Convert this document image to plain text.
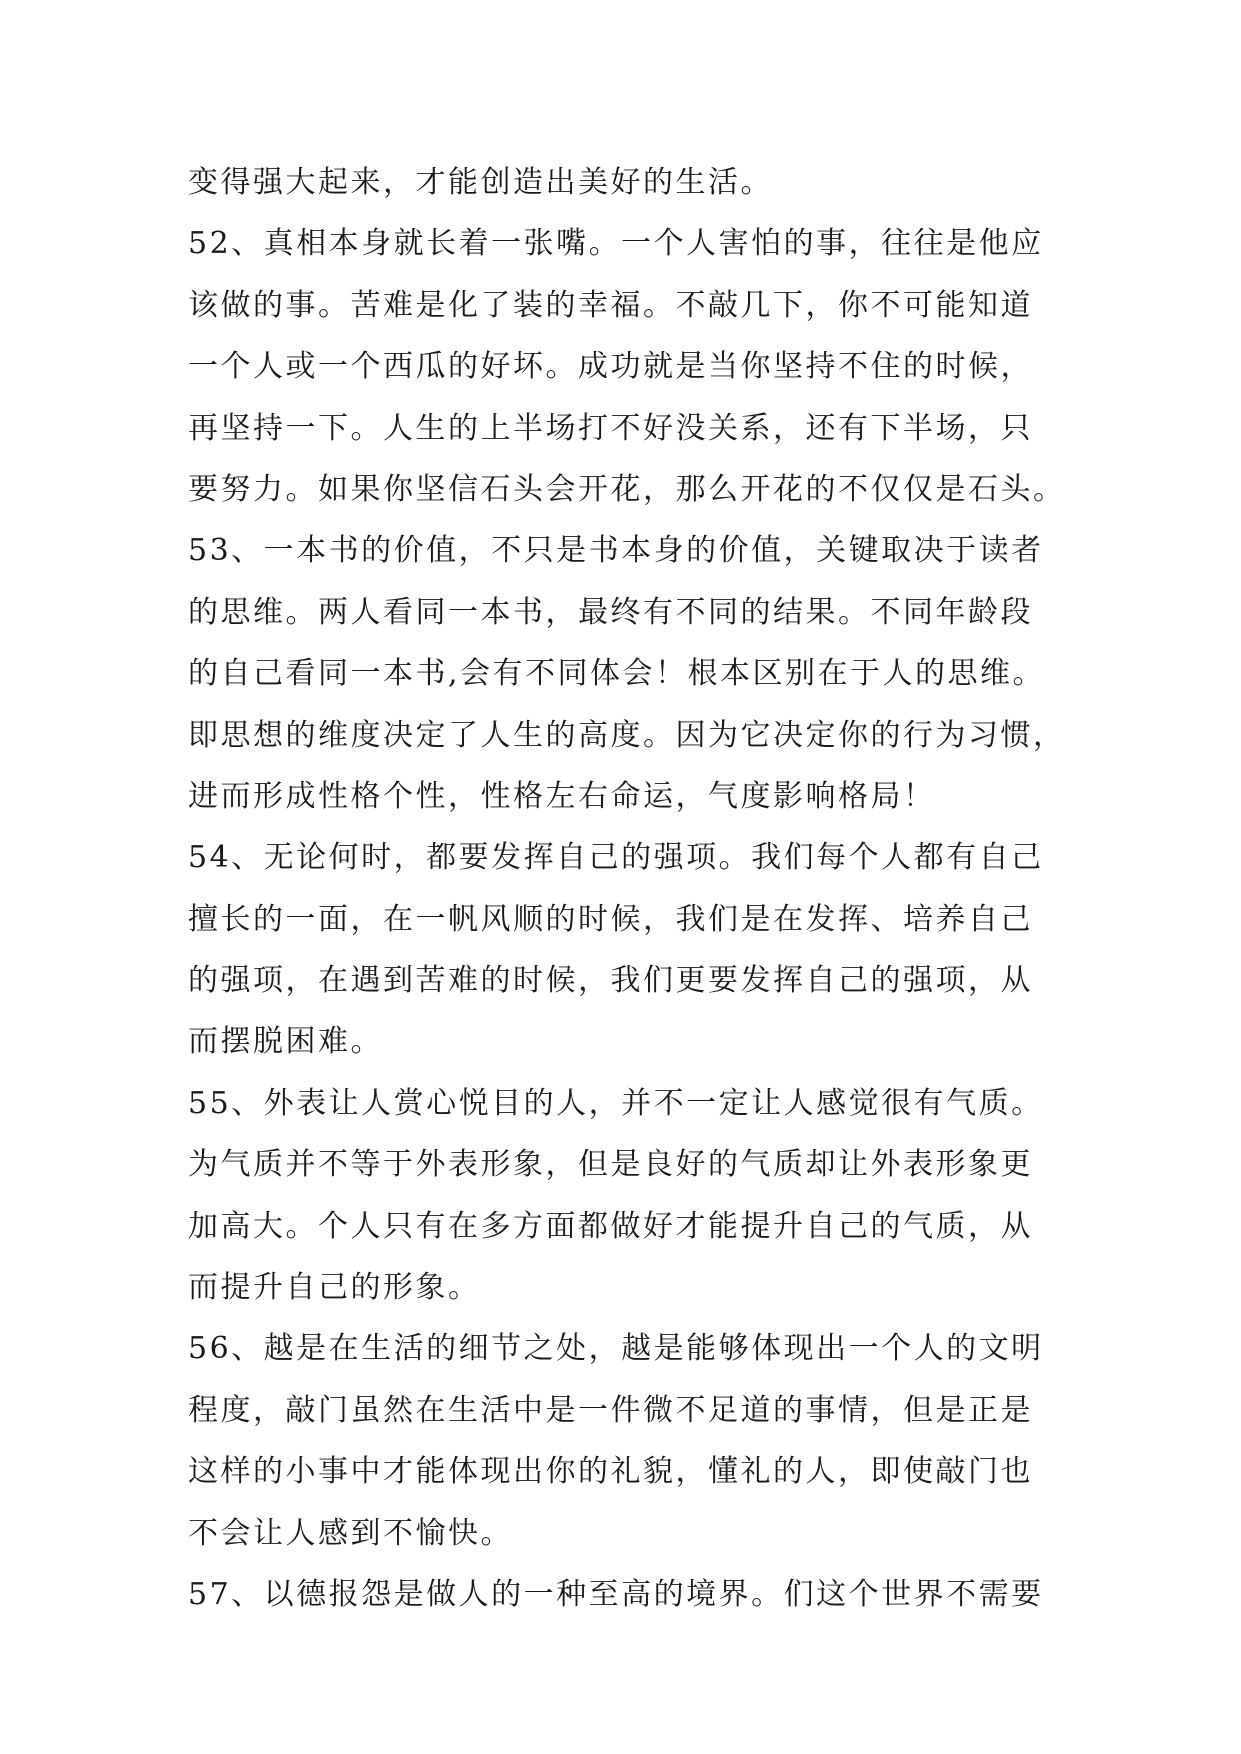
变得强大起来，才能创造出美好的生活。
52、真相本身就长着一张嘴。一个人害怕的事，往往是他应
该做的事。苦难是化了装的幸福。不敲几下，你不可能知道
一个人或一个西瓜的好坏。成功就是当你坚持不住的时候，
再坚持一下。人生的上半场打不好没关系，还有下半场，只
要努力。如果你坚信石头会开花，那么开花的不仅仅是石头。
53、一本书的价值，不只是书本身的价值，关键取决于读者
的思维。两人看同一本书，最终有不同的结果。不同年龄段
的自己看同一本书,会有不同体会！根本区别在于人的思维。
即思想的维度决定了人生的高度。因为它决定你的行为习惯，
进而形成性格个性，性格左右命运，气度影响格局！
54、无论何时，都要发挥自己的强项。我们每个人都有自己
擅长的一面，在一帆风顺的时候，我们是在发挥、培养自己
的强项，在遇到苦难的时候，我们更要发挥自己的强项，从
而摆脱困难。
55、外表让人赏心悦目的人，并不一定让人感觉很有气质。
为气质并不等于外表形象，但是良好的气质却让外表形象更
加高大。个人只有在多方面都做好才能提升自己的气质，从
而提升自己的形象。
56、越是在生活的细节之处，越是能够体现出一个人的文明
程度，敲门虽然在生活中是一件微不足道的事情，但是正是
这样的小事中才能体现出你的礼貌，懂礼的人，即使敲门也
不会让人感到不愉快。
57、以德报怨是做人的一种至高的境界。们这个世界不需要
